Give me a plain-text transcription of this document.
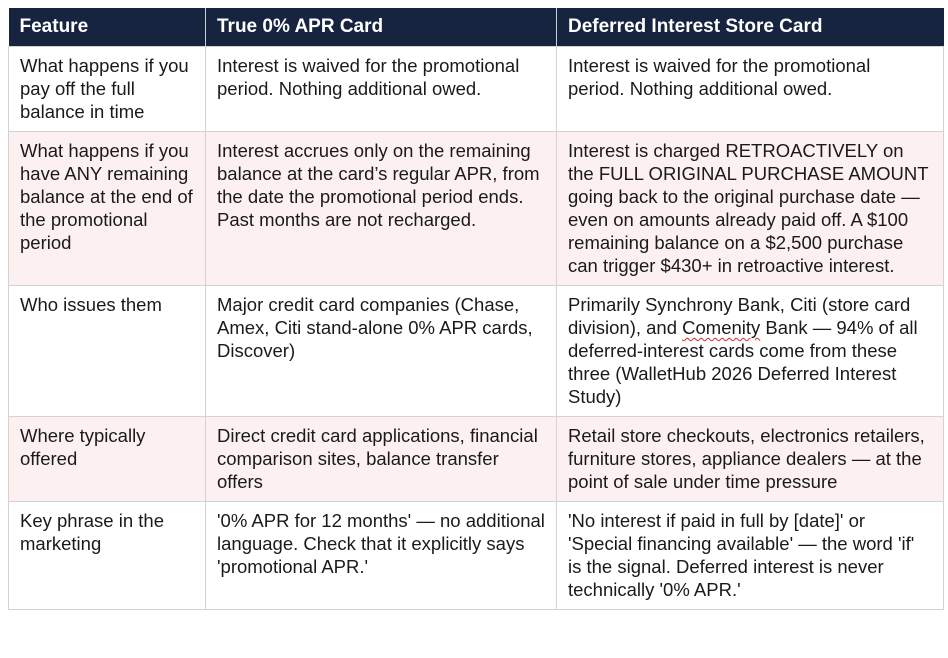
Feature	True 0% APR Card	Deferred Interest Store Card
What happens if you pay off the full balance in time	Interest is waived for the promotional period. Nothing additional owed.	Interest is waived for the promotional period. Nothing additional owed.
What happens if you have ANY remaining balance at the end of the promotional period	Interest accrues only on the remaining balance at the card’s regular APR, from the date the promotional period ends. Past months are not recharged.	Interest is charged RETROACTIVELY on the FULL ORIGINAL PURCHASE AMOUNT going back to the original purchase date — even on amounts already paid off. A $100 remaining balance on a $2,500 purchase can trigger $430+ in retroactive interest.
Who issues them	Major credit card companies (Chase, Amex, Citi stand-alone 0% APR cards, Discover)	Primarily Synchrony Bank, Citi (store card division), and Comenity Bank — 94% of all deferred-interest cards come from these three (WalletHub 2026 Deferred Interest Study)
Where typically offered	Direct credit card applications, financial comparison sites, balance transfer offers	Retail store checkouts, electronics retailers, furniture stores, appliance dealers — at the point of sale under time pressure
Key phrase in the marketing	'0% APR for 12 months' — no additional language. Check that it explicitly says 'promotional APR.'	'No interest if paid in full by [date]' or 'Special financing available' — the word 'if' is the signal. Deferred interest is never technically '0% APR.'
